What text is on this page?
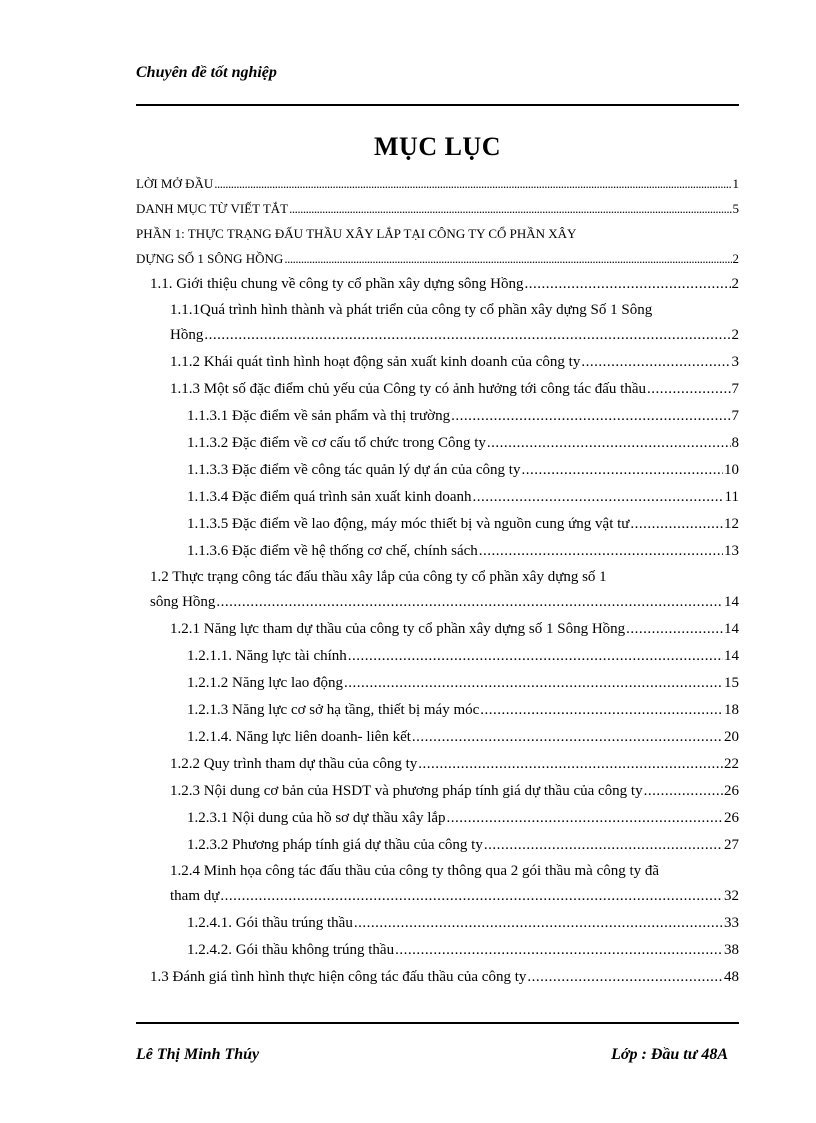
Chuyên đề tốt nghiệp
MỤC LỤC
LỜI MỞ ĐẦU .....	1
DANH MỤC TỪ VIẾT TẮT .....	5
PHẦN 1: THỰC TRẠNG ĐẤU THẦU XÂY LẮP TẠI CÔNG TY CỔ PHẦN XÂY
DỰNG SỐ 1 SÔNG HỒNG .....	2
1.1. Giới thiệu chung về công ty cổ phần xây dựng sông Hồng .....	2
1.1.1Quá trình hình thành và phát triển của công ty cổ phần xây dựng Số 1 Sông
Hồng .....	2
1.1.2 Khái quát tình hình hoạt động sản xuất kinh doanh của công ty .....	3
1.1.3 Một số đặc điểm chủ yếu của Công ty có ảnh hưởng tới công tác đấu thầu .....	7
1.1.3.1 Đặc điểm về sản phẩm và thị trường .....	7
1.1.3.2 Đặc điểm về cơ cấu tổ chức trong Công ty .....	8
1.1.3.3 Đặc điểm về công tác quản lý dự án của công ty .....	10
1.1.3.4 Đặc điểm quá trình sản xuất kinh doanh .....	11
1.1.3.5 Đặc điểm về lao động, máy móc thiết bị và nguồn cung ứng vật tư .....	12
1.1.3.6 Đặc điểm về hệ thống cơ chế, chính sách .....	13
1.2 Thực trạng công tác đấu thầu xây lắp của công ty cổ phần xây dựng số 1
sông Hồng .....	14
1.2.1 Năng lực tham dự thầu của công ty cổ phần xây dựng số 1 Sông Hồng .....	14
1.2.1.1. Năng lực tài chính .....	14
1.2.1.2 Năng lực lao động .....	15
1.2.1.3 Năng lực cơ sở hạ tầng, thiết bị máy móc .....	18
1.2.1.4. Năng lực liên doanh- liên kết .....	20
1.2.2 Quy trình tham dự thầu của công ty .....	22
1.2.3 Nội dung cơ bản của HSDT và phương pháp tính giá dự thầu của công ty .....	26
1.2.3.1 Nội dung của hồ sơ dự thầu xây lắp .....	26
1.2.3.2 Phương pháp tính giá dự thầu của công ty .....	27
1.2.4 Minh họa công tác đấu thầu của công ty thông qua 2 gói thầu mà công ty đã
tham dự .....	32
1.2.4.1. Gói thầu trúng thầu .....	33
1.2.4.2. Gói thầu không trúng thầu .....	38
1.3 Đánh giá tình hình thực hiện công tác đấu thầu của công ty .....	48
Lê Thị Minh Thúy	Lớp : Đầu tư 48A
